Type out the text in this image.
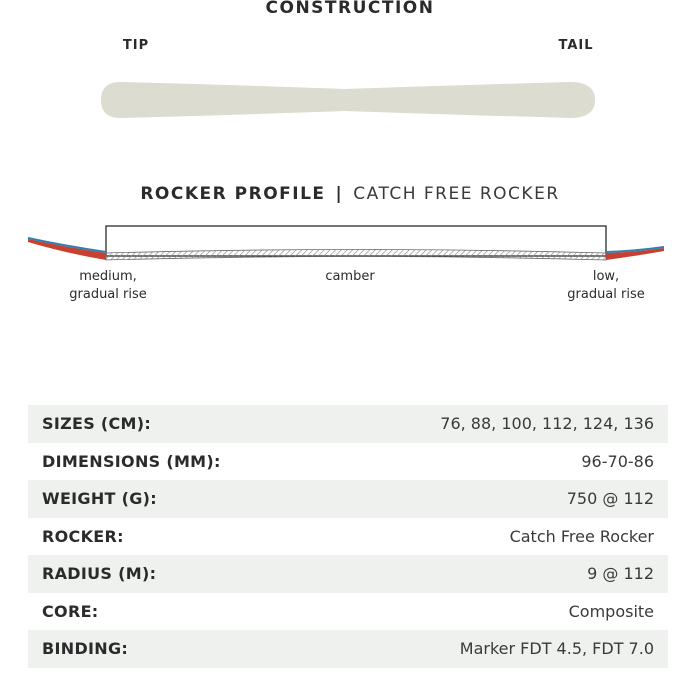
CONSTRUCTION
TIP	TAIL
ROCKER PROFILE | CATCH FREE ROCKER
medium,
gradual rise
camber	low,
gradual rise
SIZES (CM):	76, 88, 100, 112, 124, 136
DIMENSIONS (MM):	96-70-86
WEIGHT (G):	750 @ 112
ROCKER:	Catch Free Rocker
RADIUS (M):	9 @ 112
CORE:	Composite
BINDING:	Marker FDT 4.5, FDT 7.0
